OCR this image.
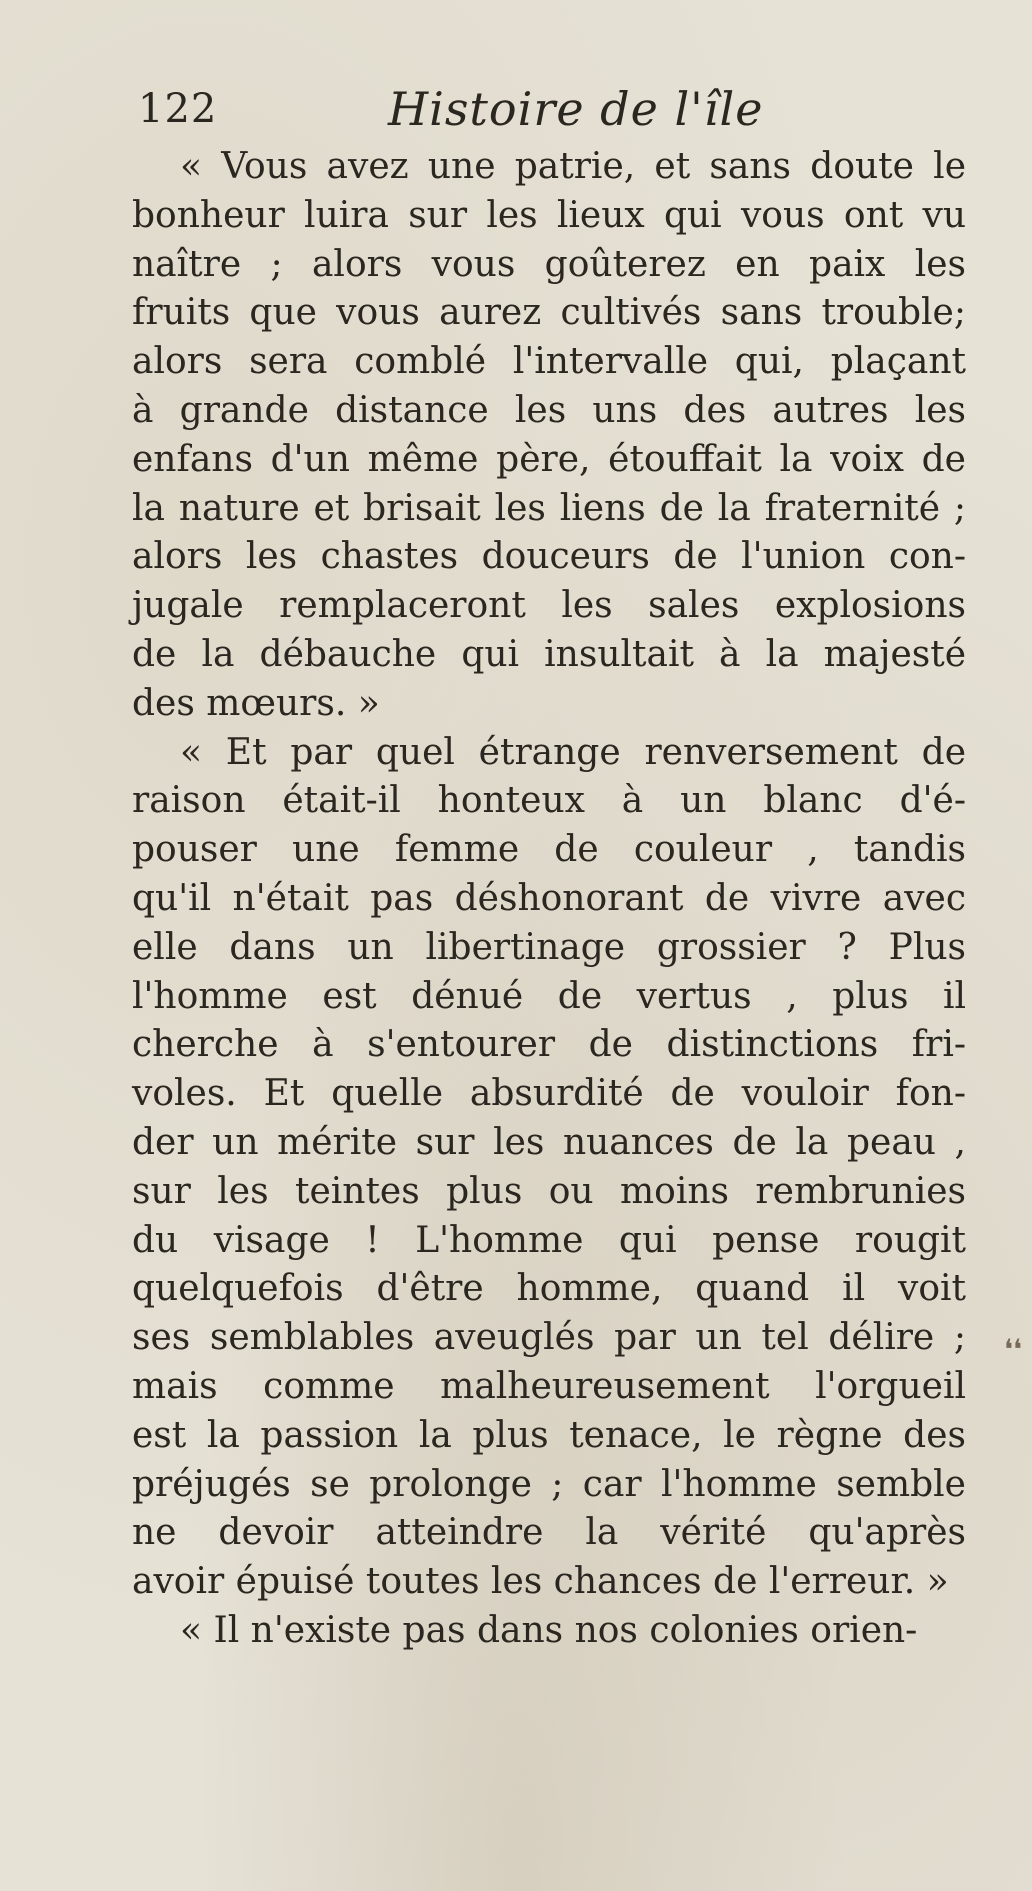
122	Histoire de l'île
« Vous avez une patrie, et sans doute le
bonheur luira sur les lieux qui vous ont vu
naître ; alors vous goûterez en paix les
fruits que vous aurez cultivés sans trouble;
alors sera comblé l'intervalle qui, plaçant
à grande distance les uns des autres les
enfans d'un même père, étouffait la voix de
la nature et brisait les liens de la fraternité ;
alors les chastes douceurs de l'union con-
jugale remplaceront les sales explosions
de la débauche qui insultait à la majesté
des mœurs. »
« Et par quel étrange renversement de
raison était-il honteux à un blanc d'é-
pouser une femme de couleur , tandis
qu'il n'était pas déshonorant de vivre avec
elle dans un libertinage grossier ? Plus
l'homme est dénué de vertus , plus il
cherche à s'entourer de distinctions fri-
voles. Et quelle absurdité de vouloir fon-
der un mérite sur les nuances de la peau ,
sur les teintes plus ou moins rembrunies
du visage ! L'homme qui pense rougit
quelquefois d'être homme, quand il voit
ses semblables aveuglés par un tel délire ;
mais comme malheureusement l'orgueil
est la passion la plus tenace, le règne des
préjugés se prolonge ; car l'homme semble
ne devoir atteindre la vérité qu'après
avoir épuisé toutes les chances de l'erreur. »
« Il n'existe pas dans nos colonies orien-
❛❛
